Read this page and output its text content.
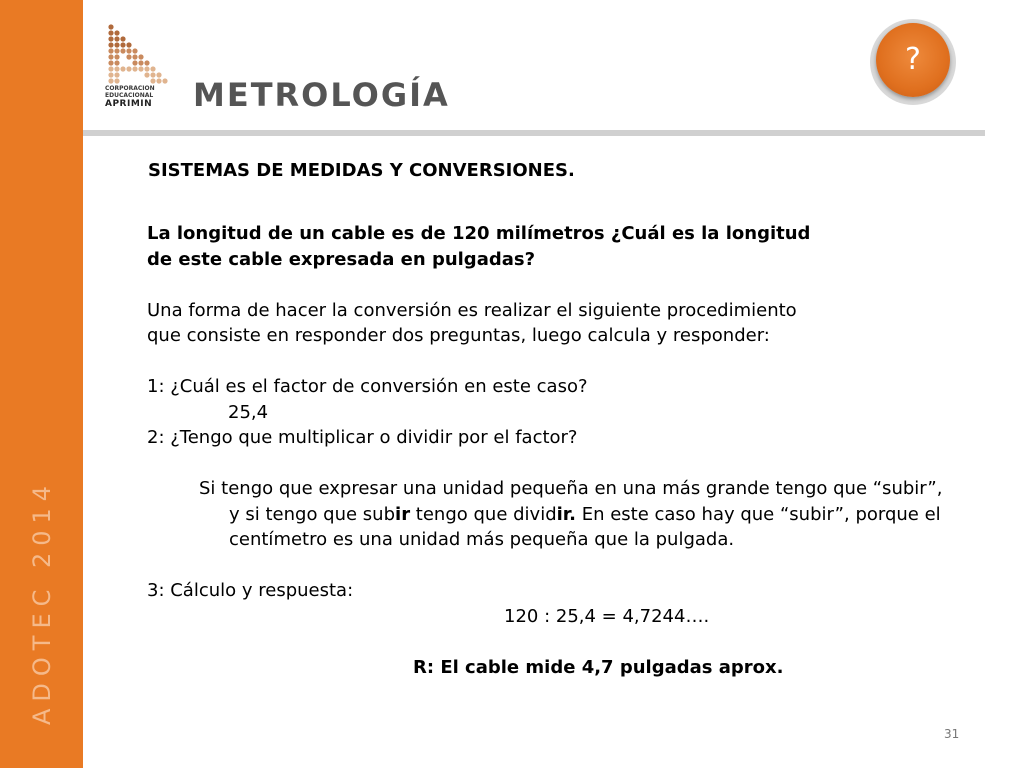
ADOTEC 2014
CORPORACION
EDUCACIONAL
APRIMIN	METROLOGÍA
?
SISTEMAS DE MEDIDAS Y CONVERSIONES.

La longitud de un cable es de 120 milímetros ¿Cuál es la longitud

de este cable expresada en pulgadas?

Una forma de hacer la conversión es realizar el siguiente procedimiento

que consiste en responder dos preguntas, luego calcula y responder:

1: ¿Cuál es el factor de conversión en este caso?

25,4

2: ¿Tengo que multiplicar o dividir por el factor?

Si tengo que expresar una unidad pequeña en una más grande tengo que “subir”, y si tengo que subir tengo que dividir. En este caso hay que “subir”, porque el centímetro es una unidad más pequeña que la pulgada.

3: Cálculo y respuesta:

120 : 25,4 = 4,7244….

R: El cable mide 4,7 pulgadas aprox.

31
